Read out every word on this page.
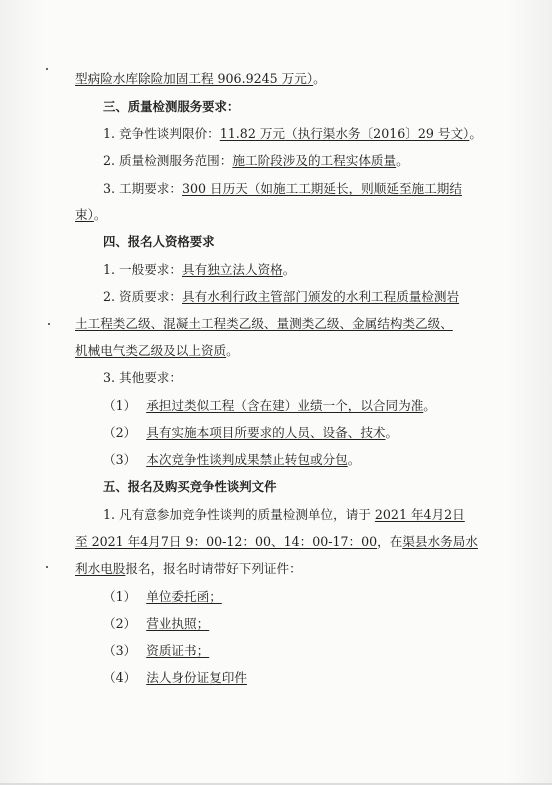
型病险水库除险加固工程 906.9245 万元）。
三、质量检测服务要求：
1. 竞争性谈判限价：11.82 万元（执行渠水务〔2016〕29 号文）。
2. 质量检测服务范围：施工阶段涉及的工程实体质量。
3. 工期要求：300 日历天（如施工工期延长，则顺延至施工期结
束）。
四、报名人资格要求
1. 一般要求：具有独立法人资格。
2. 资质要求：具有水利行政主管部门颁发的水利工程质量检测岩
土工程类乙级、混凝土工程类乙级、量测类乙级、金属结构类乙级、
机械电气类乙级及以上资质。
3. 其他要求：
（1） 承担过类似工程（含在建）业绩一个，以合同为准。
（2） 具有实施本项目所要求的人员、设备、技术。
（3） 本次竞争性谈判成果禁止转包或分包。
五、报名及购买竞争性谈判文件
1. 凡有意参加竞争性谈判的质量检测单位，请于 2021 年4月2日
至 2021 年4月7日 9：00-12：00、14：00-17：00，在渠县水务局水
利水电股报名，报名时请带好下列证件：
（1） 单位委托函；
（2） 营业执照；
（3） 资质证书；
（4） 法人身份证复印件
